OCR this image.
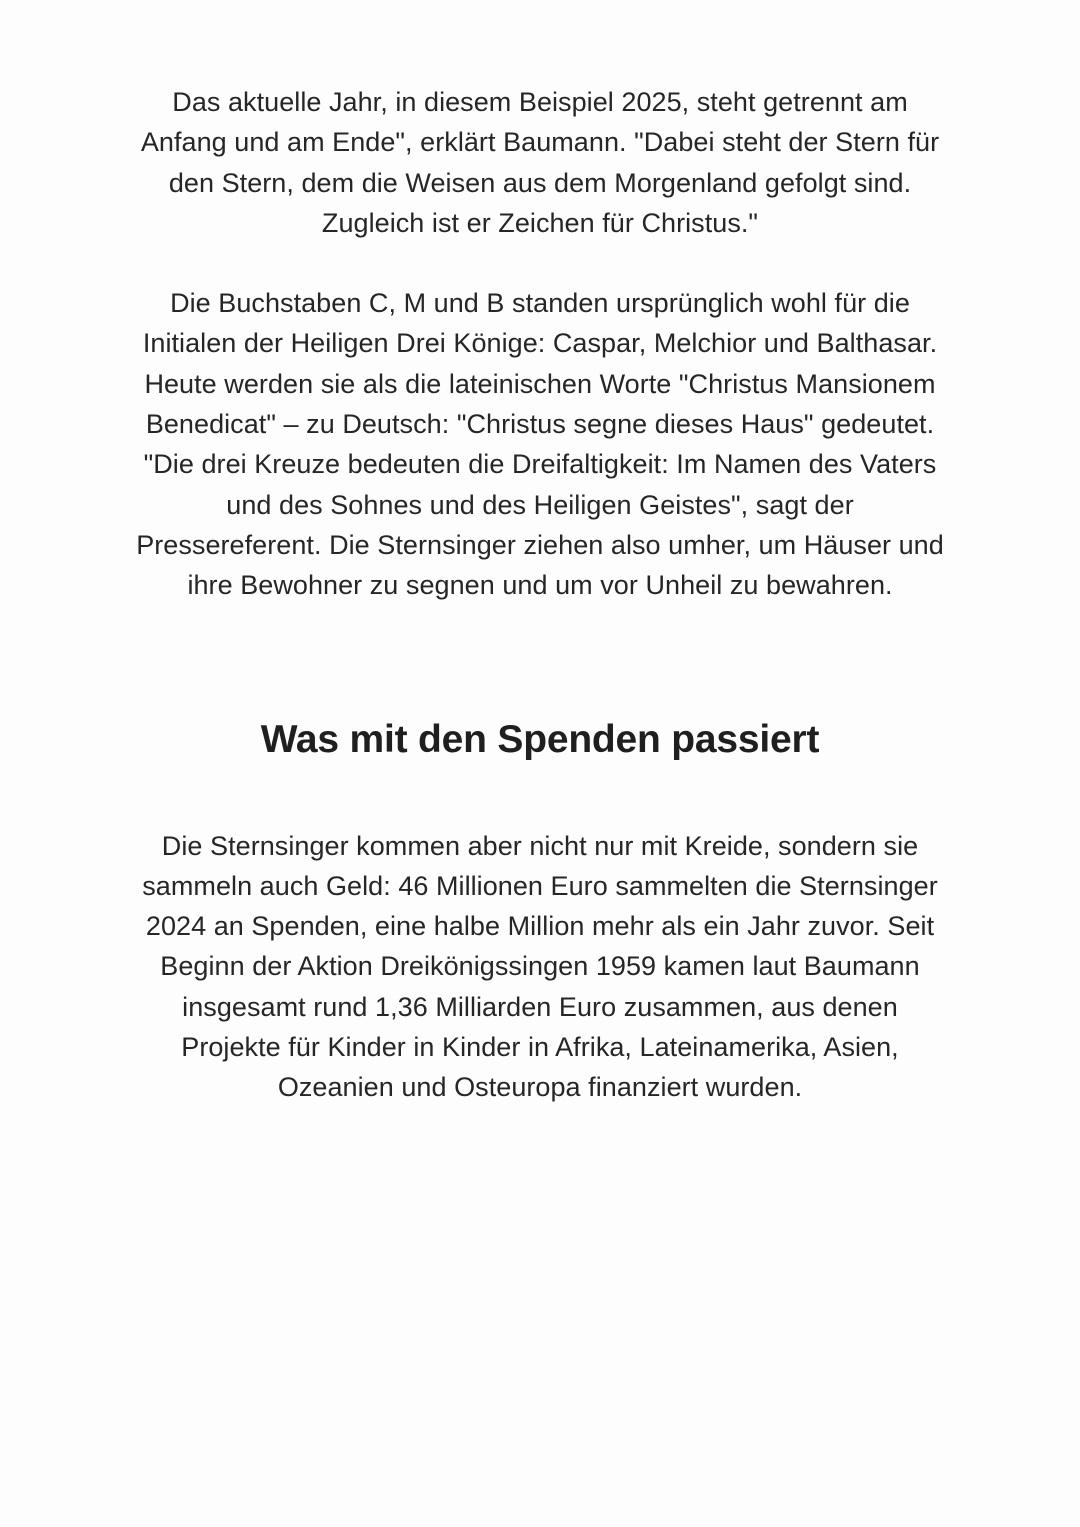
Das aktuelle Jahr, in diesem Beispiel 2025, steht getrennt am Anfang und am Ende", erklärt Baumann. "Dabei steht der Stern für den Stern, dem die Weisen aus dem Morgenland gefolgt sind. Zugleich ist er Zeichen für Christus."

Die Buchstaben C, M und B standen ursprünglich wohl für die Initialen der Heiligen Drei Könige: Caspar, Melchior und Balthasar. Heute werden sie als die lateinischen Worte "Christus Mansionem Benedicat" – zu Deutsch: "Christus segne dieses Haus" gedeutet. "Die drei Kreuze bedeuten die Dreifaltigkeit: Im Namen des Vaters und des Sohnes und des Heiligen Geistes", sagt der Pressereferent. Die Sternsinger ziehen also umher, um Häuser und ihre Bewohner zu segnen und um vor Unheil zu bewahren.

Was mit den Spenden passiert

Die Sternsinger kommen aber nicht nur mit Kreide, sondern sie sammeln auch Geld: 46 Millionen Euro sammelten die Sternsinger 2024 an Spenden, eine halbe Million mehr als ein Jahr zuvor. Seit Beginn der Aktion Dreikönigssingen 1959 kamen laut Baumann insgesamt rund 1,36 Milliarden Euro zusammen, aus denen Projekte für Kinder in Kinder in Afrika, Lateinamerika, Asien, Ozeanien und Osteuropa finanziert wurden.
